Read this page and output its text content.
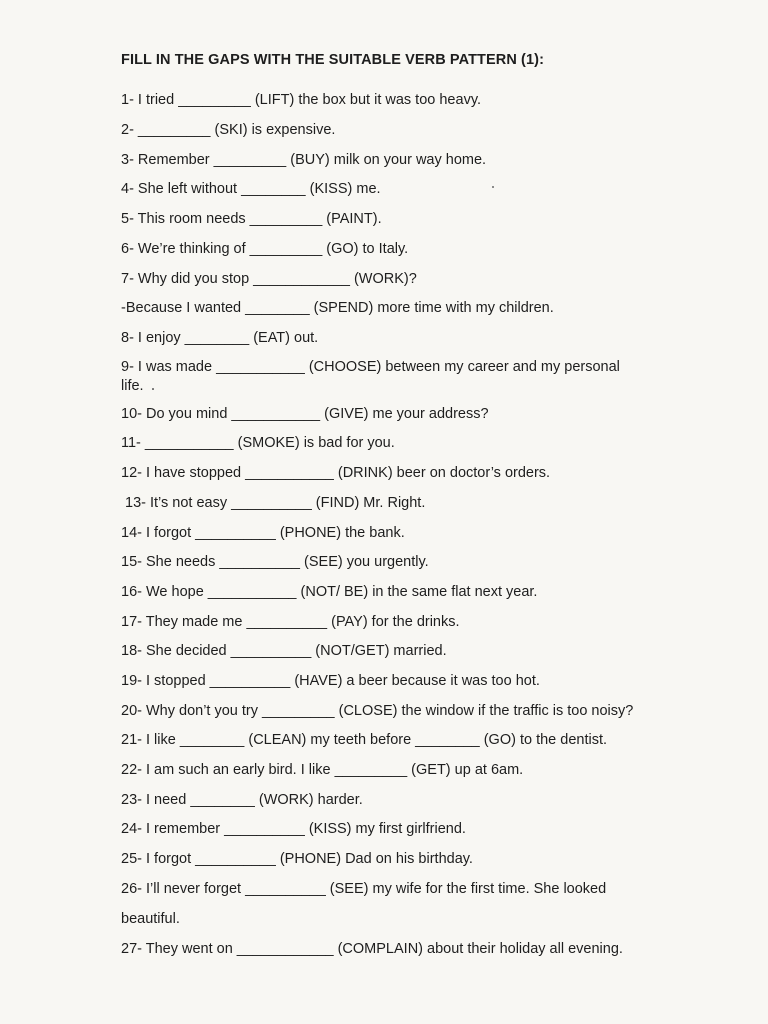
FILL IN THE GAPS WITH THE SUITABLE VERB PATTERN (1):
1- I tried _________ (LIFT) the box but it was too heavy.
2- _________ (SKI) is expensive.
3- Remember _________ (BUY) milk on your way home.
4- She left without ________ (KISS) me.
5- This room needs _________ (PAINT).
6- We’re thinking of _________ (GO) to Italy.
7- Why did you stop ____________ (WORK)?
-Because I wanted ________ (SPEND) more time with my children.
8- I enjoy ________ (EAT) out.
9- I was made ___________ (CHOOSE) between my career and my personal
life.
10- Do you mind ___________ (GIVE) me your address?
11- ___________ (SMOKE) is bad for you.
12- I have stopped ___________ (DRINK) beer on doctor’s orders.
13- It’s not easy __________ (FIND) Mr. Right.
14- I forgot __________ (PHONE) the bank.
15- She needs __________ (SEE) you urgently.
16- We hope ___________ (NOT/ BE) in the same flat next year.
17- They made me __________ (PAY) for the drinks.
18- She decided __________ (NOT/GET) married.
19- I stopped __________ (HAVE) a beer because it was too hot.
20- Why don’t you try _________ (CLOSE) the window if the traffic is too noisy?
21- I like ________ (CLEAN) my teeth before ________ (GO) to the dentist.
22- I am such an early bird. I like _________ (GET) up at 6am.
23- I need ________ (WORK) harder.
24- I remember __________ (KISS) my first girlfriend.
25- I forgot __________ (PHONE) Dad on his birthday.
26- I’ll never forget __________ (SEE) my wife for the first time. She looked
beautiful.
27- They went on ____________ (COMPLAIN) about their holiday all evening.
